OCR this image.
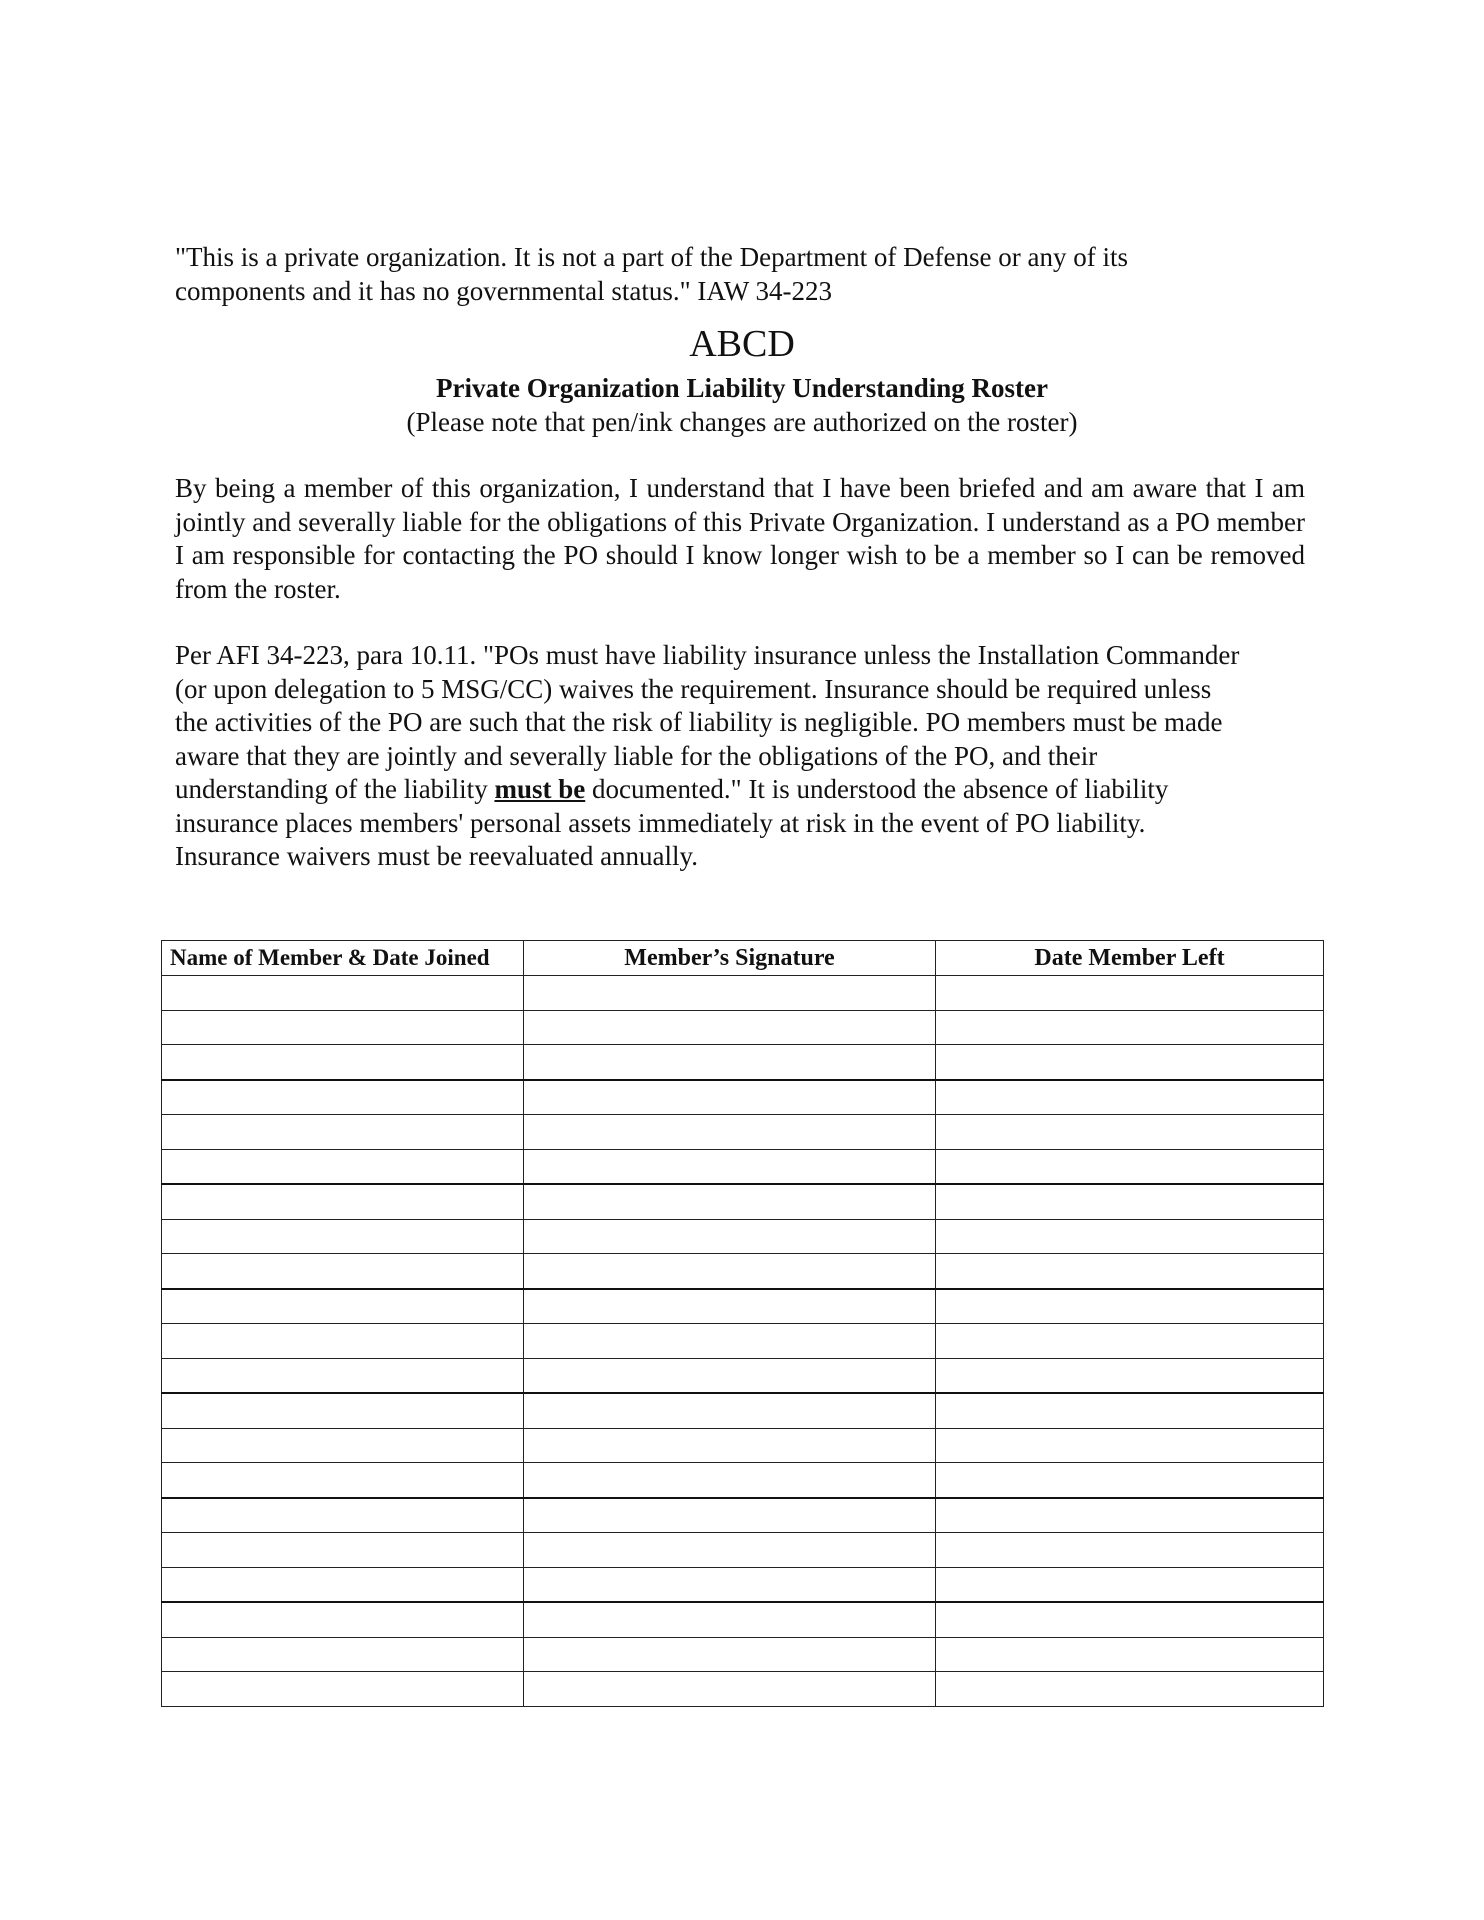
"This is a private organization. It is not a part of the Department of Defense or any of its
components and it has no governmental status." IAW 34-223
ABCD
Private Organization Liability Understanding Roster
(Please note that pen/ink changes are authorized on the roster)
By being a member of this organization, I understand that I have been briefed and am aware that I am jointly and severally liable for the obligations of this Private Organization. I understand as a PO member I am responsible for contacting the PO should I know longer wish to be a member so I can be removed from the roster.
Per AFI 34-223, para 10.11. "POs must have liability insurance unless the Installation Commander
(or upon delegation to 5 MSG/CC) waives the requirement. Insurance should be required unless
the activities of the PO are such that the risk of liability is negligible. PO members must be made
aware that they are jointly and severally liable for the obligations of the PO, and their
understanding of the liability must be documented." It is understood the absence of liability
insurance places members' personal assets immediately at risk in the event of PO liability.
Insurance waivers must be reevaluated annually.
Name of Member & Date Joined	Member’s Signature	Date Member Left
